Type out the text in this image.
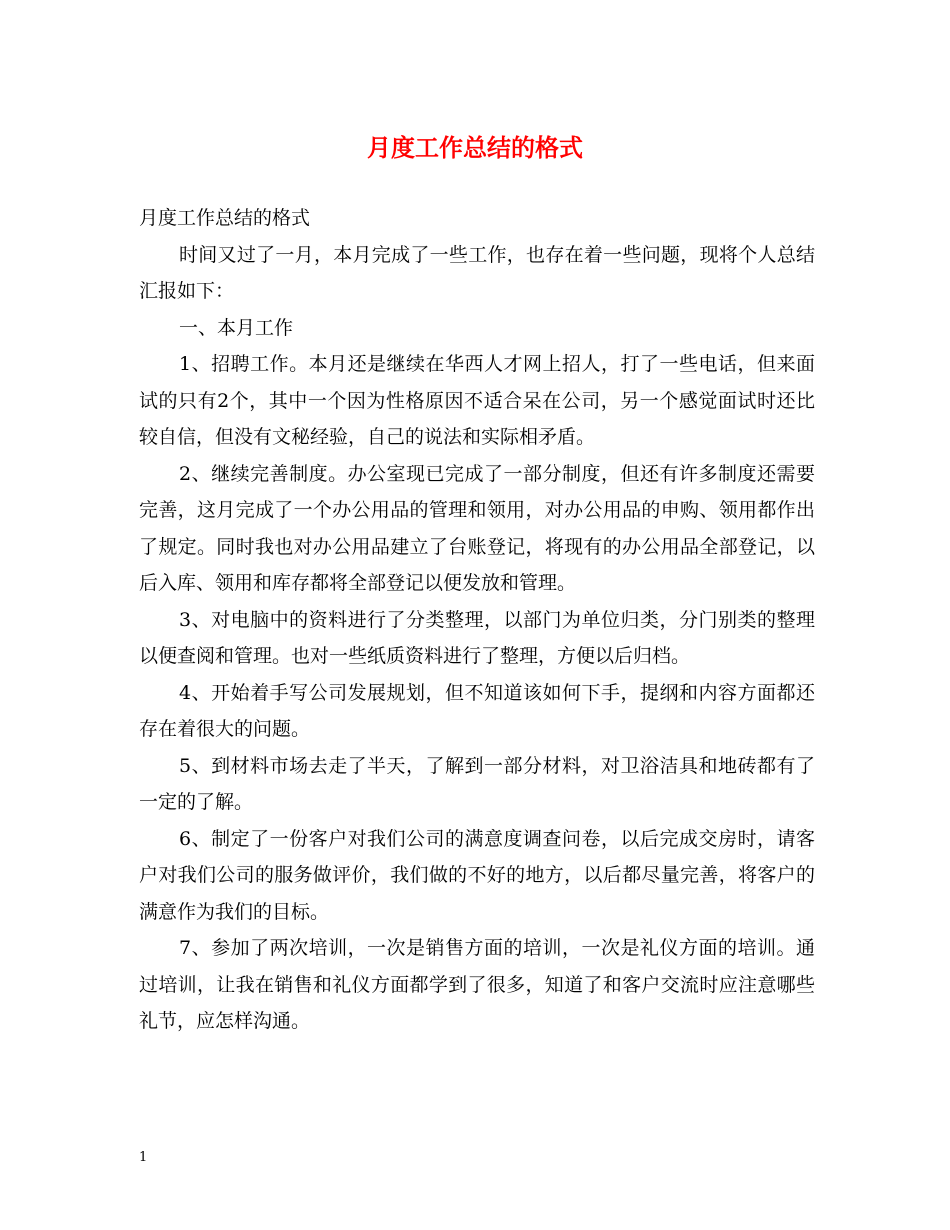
月度工作总结的格式

月度工作总结的格式

时间又过了一月，本月完成了一些工作，也存在着一些问题，现将个人总结汇报如下：

一、本月工作

1、招聘工作。本月还是继续在华西人才网上招人，打了一些电话，但来面试的只有2个，其中一个因为性格原因不适合呆在公司，另一个感觉面试时还比较自信，但没有文秘经验，自己的说法和实际相矛盾。

2、继续完善制度。办公室现已完成了一部分制度，但还有许多制度还需要完善，这月完成了一个办公用品的管理和领用，对办公用品的申购、领用都作出了规定。同时我也对办公用品建立了台账登记，将现有的办公用品全部登记，以后入库、领用和库存都将全部登记以便发放和管理。

3、对电脑中的资料进行了分类整理，以部门为单位归类，分门别类的整理以便查阅和管理。也对一些纸质资料进行了整理，方便以后归档。

4、开始着手写公司发展规划，但不知道该如何下手，提纲和内容方面都还存在着很大的问题。

5、到材料市场去走了半天，了解到一部分材料，对卫浴洁具和地砖都有了一定的了解。

6、制定了一份客户对我们公司的满意度调查问卷，以后完成交房时，请客户对我们公司的服务做评价，我们做的不好的地方，以后都尽量完善，将客户的满意作为我们的目标。

7、参加了两次培训，一次是销售方面的培训，一次是礼仪方面的培训。通过培训，让我在销售和礼仪方面都学到了很多，知道了和客户交流时应注意哪些礼节，应怎样沟通。

1
